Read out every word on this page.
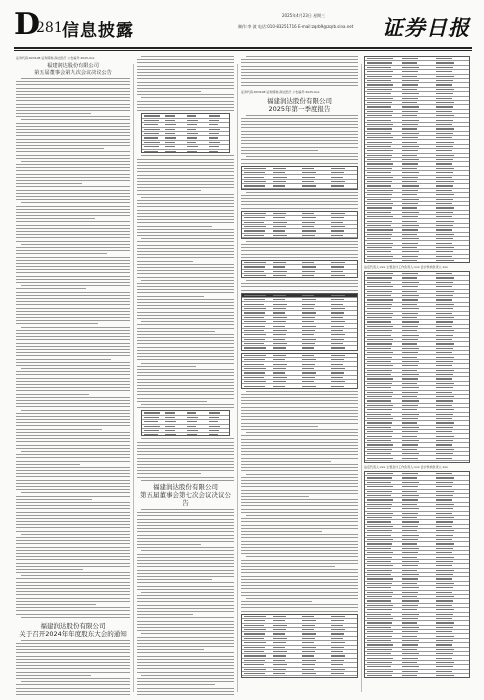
D
281 信息披露
2025年4月23日 星期三
制作:李 波 电话:010-83251716 E-mail:zqrb9@zqrb.sina.net 证券日报
证券代码:603108 证券简称:润达医疗 公告编号:2025-0xx
福建润达股份有限公司
第五届董事会第九次会议决议公告
福建润达股份有限公司
关于召开2024年年度股东大会的通知
福建润达股份有限公司
第五届董事会第七次会议决议公告
证券代码:603108 证券简称:润达医疗 公告编号:2025-0xx
福建润达股份有限公司
2025年第一季度报告
法定代表人:xxx 主管会计工作负责人:xxx 会计机构负责人:xxx
法定代表人:xxx 主管会计工作负责人:xxx 会计机构负责人:xxx
